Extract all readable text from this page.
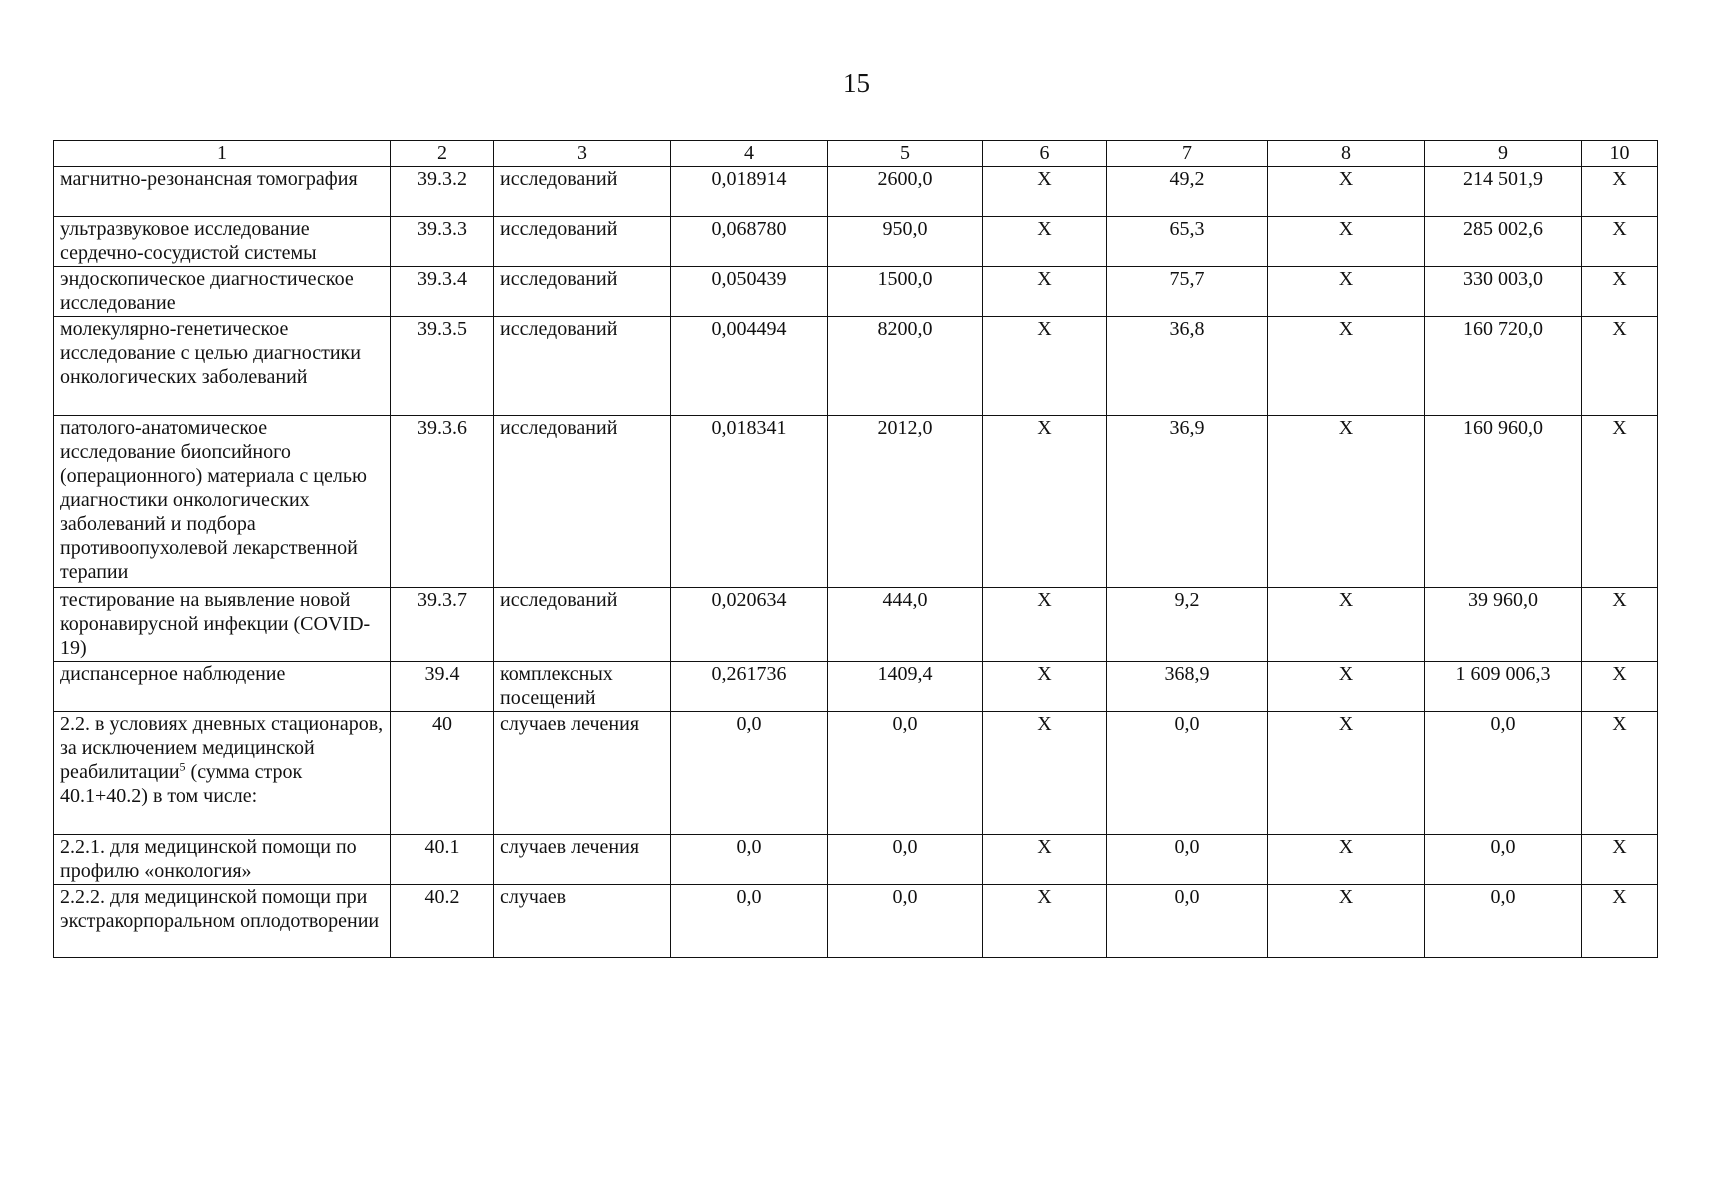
15
1	2	3	4	5	6	7	8	9	10
магнитно-резонансная томография	39.3.2	исследований	0,018914	2600,0	Х	49,2	Х	214 501,9	Х
ультразвуковое исследование сердечно-сосудистой системы	39.3.3	исследований	0,068780	950,0	Х	65,3	Х	285 002,6	Х
эндоскопическое диагностическое исследование	39.3.4	исследований	0,050439	1500,0	Х	75,7	Х	330 003,0	Х
молекулярно-генетическое исследование с целью диагностики онкологических заболеваний	39.3.5	исследований	0,004494	8200,0	Х	36,8	Х	160 720,0	Х
патолого-анатомическое исследование биопсийного (операционного) материала с целью диагностики онкологических заболеваний и подбора противоопухолевой лекарственной терапии	39.3.6	исследований	0,018341	2012,0	Х	36,9	Х	160 960,0	Х
тестирование на выявление новой коронавирусной инфекции (COVID-19)	39.3.7	исследований	0,020634	444,0	Х	9,2	Х	39 960,0	Х
диспансерное наблюдение	39.4	комплексных посещений	0,261736	1409,4	Х	368,9	Х	1 609 006,3	Х
2.2. в условиях дневных стационаров, за исключением медицинской реабилитации$^5$ (сумма строк 40.1+40.2) в том числе:	40	случаев лечения	0,0	0,0	Х	0,0	Х	0,0	Х
2.2.1. для медицинской помощи по профилю «онкология»	40.1	случаев лечения	0,0	0,0	Х	0,0	Х	0,0	Х
2.2.2. для медицинской помощи при экстракорпоральном оплодотворении	40.2	случаев	0,0	0,0	Х	0,0	Х	0,0	Х
